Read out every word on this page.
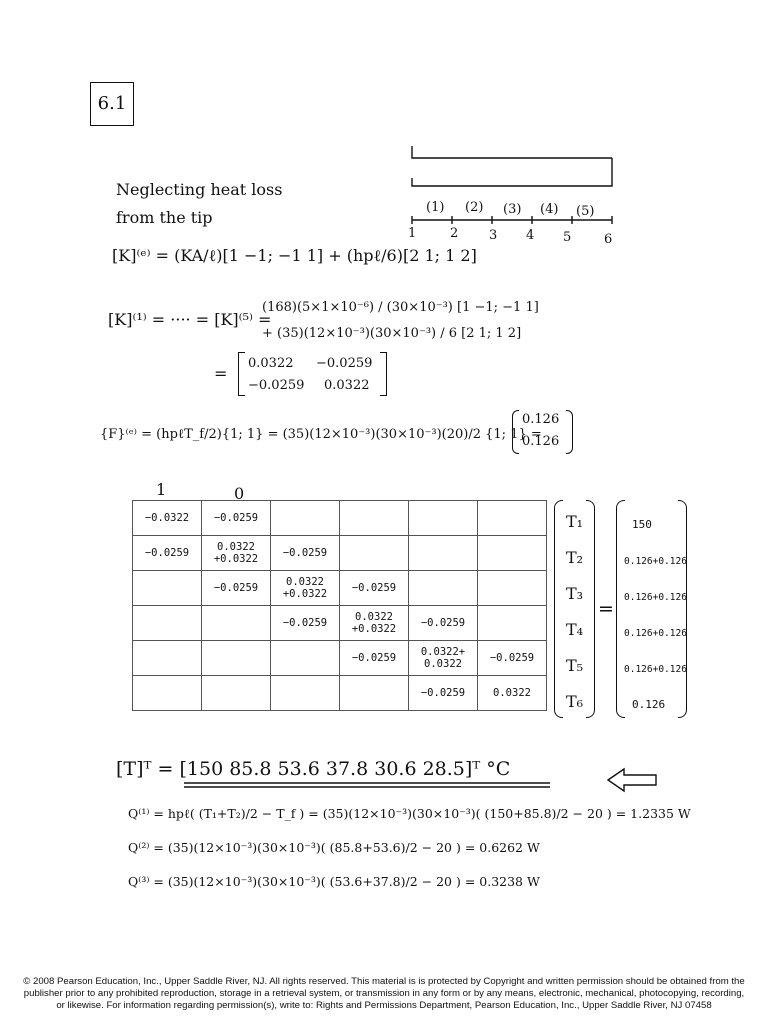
6.1
Neglecting heat loss
from the tip
(1) (2) (3) (4) (5)
1	2 3 4 5	6
[K]⁽ᵉ⁾ = (KA/ℓ)[1 −1; −1 1] + (hpℓ/6)[2 1; 1 2]
[K]⁽¹⁾ = ···· = [K]⁽⁵⁾ =
(168)(5×1×10⁻⁶) / (30×10⁻³) [1 −1; −1 1]
+ (35)(12×10⁻³)(30×10⁻³) / 6 [2 1; 1 2]
=
0.0322 −0.0259
−0.0259 0.0322
{F}⁽ᵉ⁾ = (hpℓT_f/2){1; 1} = (35)(12×10⁻³)(30×10⁻³)(20)/2 {1; 1} =
0.126
0.126
1	0
−0.0322	−0.0259				
−0.0259	0.0322 +0.0322	−0.0259			
	−0.0259	0.0322 +0.0322	−0.0259		
		−0.0259	0.0322 +0.0322	−0.0259	
			−0.0259	0.0322+ 0.0322	−0.0259
				−0.0259	0.0322
T₁
T₂
T₃
T₄
T₅
T₆
=
150
0.126+0.126
0.126+0.126
0.126+0.126
0.126+0.126
0.126
[T]ᵀ = [150 85.8 53.6 37.8 30.6 28.5]ᵀ °C
Q⁽¹⁾ = hpℓ( (T₁+T₂)/2 − T_f ) = (35)(12×10⁻³)(30×10⁻³)( (150+85.8)/2 − 20 ) = 1.2335 W
Q⁽²⁾ = (35)(12×10⁻³)(30×10⁻³)( (85.8+53.6)/2 − 20 ) = 0.6262 W
Q⁽³⁾ = (35)(12×10⁻³)(30×10⁻³)( (53.6+37.8)/2 − 20 ) = 0.3238 W
© 2008 Pearson Education, Inc., Upper Saddle River, NJ. All rights reserved. This material is is protected by Copyright and written permission should be obtained from the publisher prior to any prohibited reproduction, storage in a retrieval system, or transmission in any form or by any means, electronic, mechanical, photocopying, recording, or likewise. For information regarding permission(s), write to: Rights and Permissions Department, Pearson Education, Inc., Upper Saddle River, NJ 07458
